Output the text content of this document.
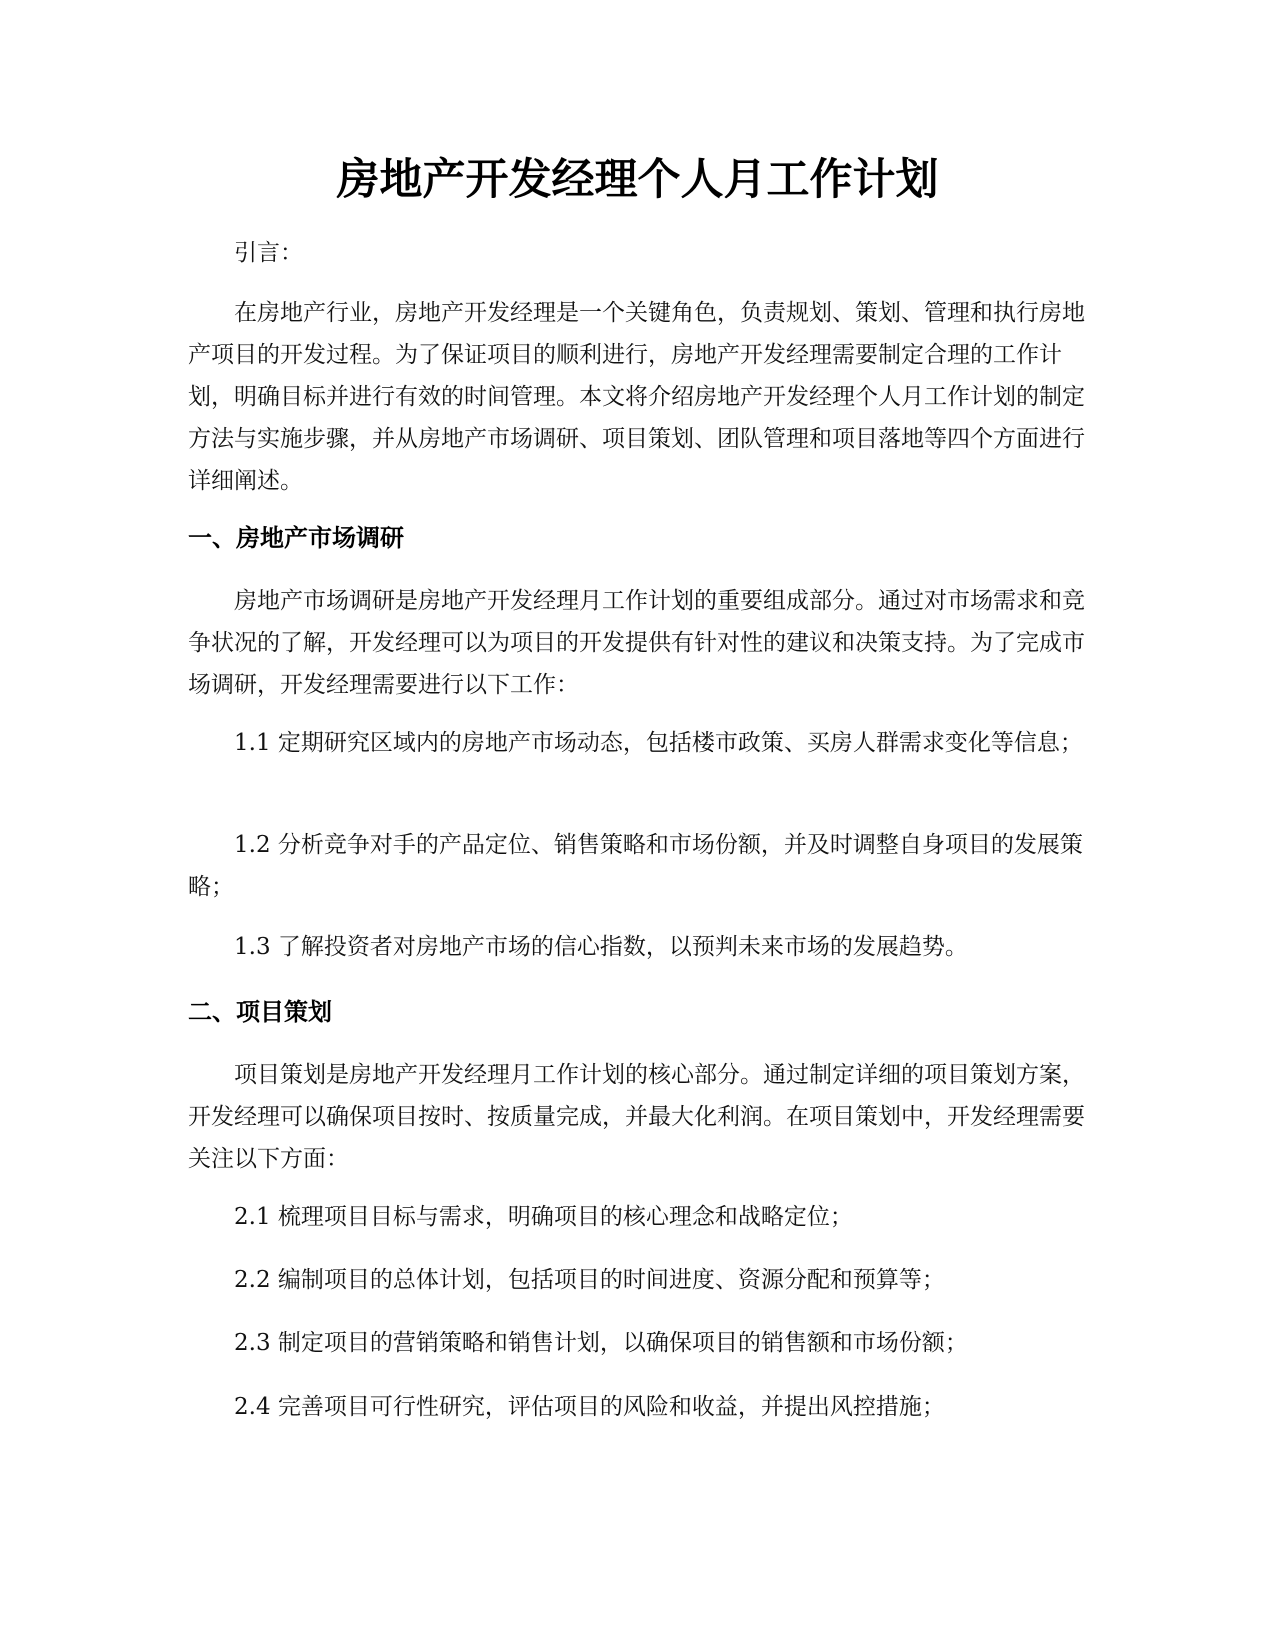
房地产开发经理个人月工作计划

引言：

在房地产行业，房地产开发经理是一个关键角色，负责规划、策划、管理和执行房地产项目的开发过程。为了保证项目的顺利进行，房地产开发经理需要制定合理的工作计划，明确目标并进行有效的时间管理。本文将介绍房地产开发经理个人月工作计划的制定方法与实施步骤，并从房地产市场调研、项目策划、团队管理和项目落地等四个方面进行详细阐述。

一、房地产市场调研

房地产市场调研是房地产开发经理月工作计划的重要组成部分。通过对市场需求和竞争状况的了解，开发经理可以为项目的开发提供有针对性的建议和决策支持。为了完成市场调研，开发经理需要进行以下工作：

1.1 定期研究区域内的房地产市场动态，包括楼市政策、买房人群需求变化等信息；

1.2 分析竞争对手的产品定位、销售策略和市场份额，并及时调整自身项目的发展策略；

1.3 了解投资者对房地产市场的信心指数，以预判未来市场的发展趋势。

二、项目策划

项目策划是房地产开发经理月工作计划的核心部分。通过制定详细的项目策划方案，开发经理可以确保项目按时、按质量完成，并最大化利润。在项目策划中，开发经理需要关注以下方面：

2.1 梳理项目目标与需求，明确项目的核心理念和战略定位；

2.2 编制项目的总体计划，包括项目的时间进度、资源分配和预算等；

2.3 制定项目的营销策略和销售计划，以确保项目的销售额和市场份额；

2.4 完善项目可行性研究，评估项目的风险和收益，并提出风控措施；
